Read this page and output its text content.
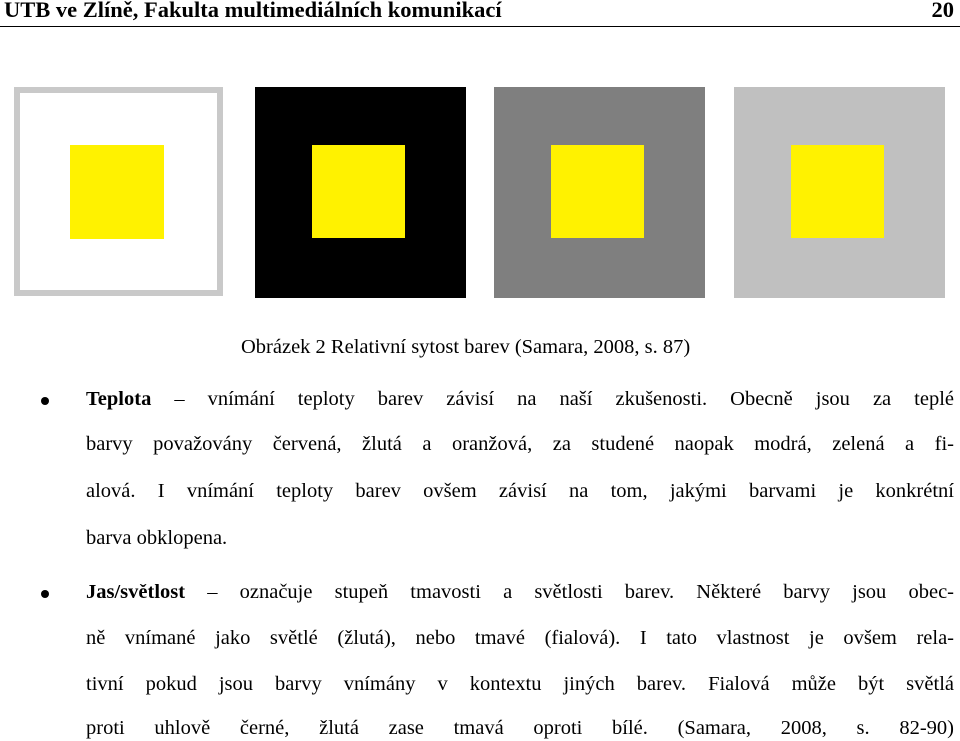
UTB ve Zlíně, Fakulta multimediálních komunikací	20
Obrázek 2 Relativní sytost barev (Samara, 2008, s. 87)
Teplota – vnímání teploty barev závisí na naší zkušenosti. Obecně jsou za teplé
barvy považovány červená, žlutá a oranžová, za studené naopak modrá, zelená a fi-
alová. I vnímání teploty barev ovšem závisí na tom, jakými barvami je konkrétní
barva obklopena.
Jas/světlost – označuje stupeň tmavosti a světlosti barev. Některé barvy jsou obec-
ně vnímané jako světlé (žlutá), nebo tmavé (fialová). I tato vlastnost je ovšem rela-
tivní pokud jsou barvy vnímány v kontextu jiných barev. Fialová může být světlá
proti uhlově černé, žlutá zase tmavá oproti bílé. (Samara, 2008, s. 82-90)
